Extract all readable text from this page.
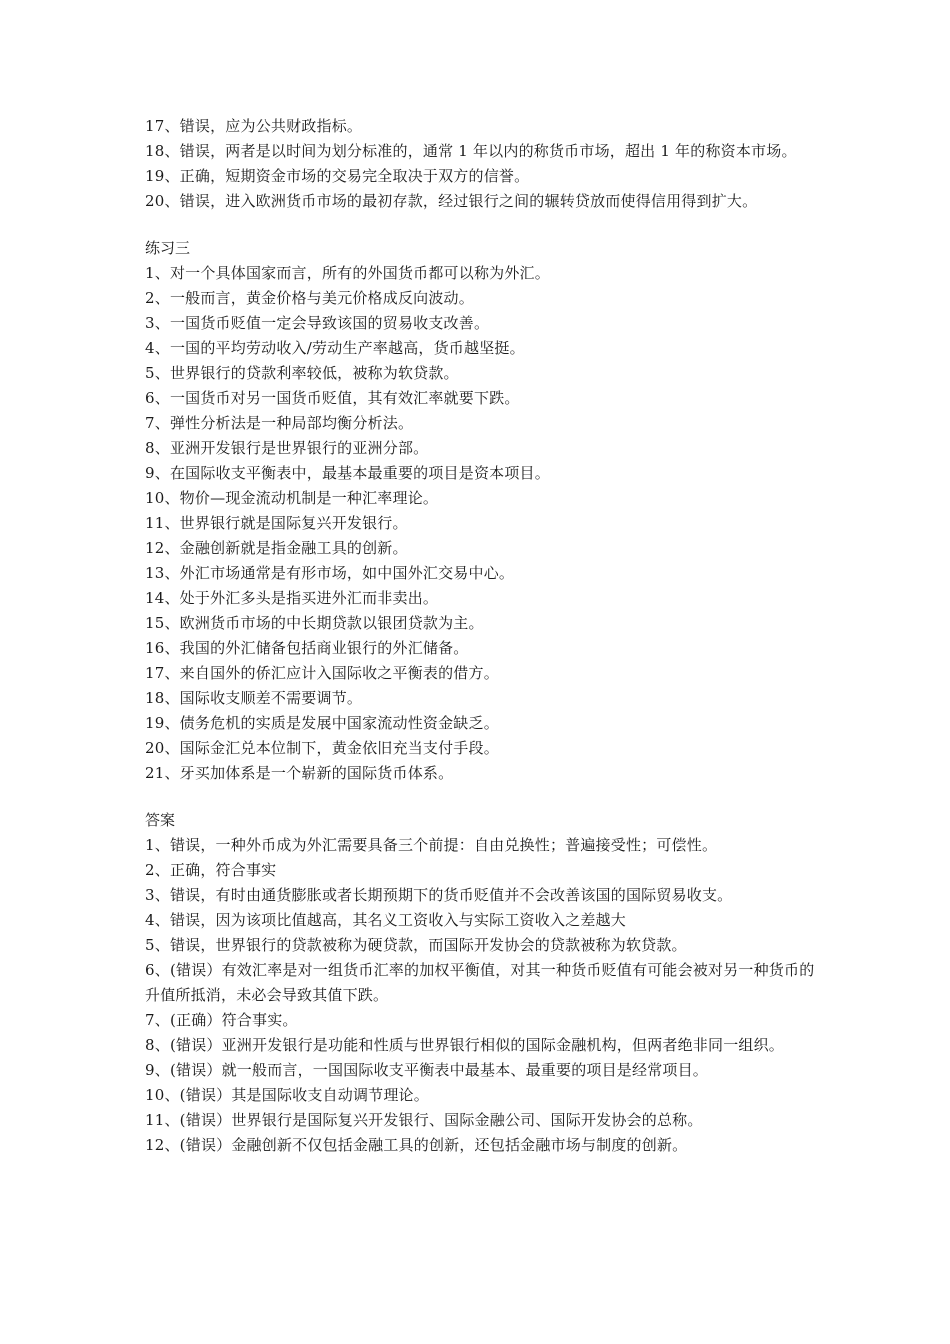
17、错误，应为公共财政指标。
18、错误，两者是以时间为划分标准的，通常 1 年以内的称货币市场，超出 1 年的称资本市场。
19、正确，短期资金市场的交易完全取决于双方的信誉。
20、错误，进入欧洲货币市场的最初存款，经过银行之间的辗转贷放而使得信用得到扩大。
练习三
1、对一个具体国家而言，所有的外国货币都可以称为外汇。
2、一般而言，黄金价格与美元价格成反向波动。
3、一国货币贬值一定会导致该国的贸易收支改善。
4、一国的平均劳动收入/劳动生产率越高，货币越坚挺。
5、世界银行的贷款利率较低，被称为软贷款。
6、一国货币对另一国货币贬值，其有效汇率就要下跌。
7、弹性分析法是一种局部均衡分析法。
8、亚洲开发银行是世界银行的亚洲分部。
9、在国际收支平衡表中，最基本最重要的项目是资本项目。
10、物价—现金流动机制是一种汇率理论。
11、世界银行就是国际复兴开发银行。
12、金融创新就是指金融工具的创新。
13、外汇市场通常是有形市场，如中国外汇交易中心。
14、处于外汇多头是指买进外汇而非卖出。
15、欧洲货币市场的中长期贷款以银团贷款为主。
16、我国的外汇储备包括商业银行的外汇储备。
17、来自国外的侨汇应计入国际收之平衡表的借方。
18、国际收支顺差不需要调节。
19、债务危机的实质是发展中国家流动性资金缺乏。
20、国际金汇兑本位制下，黄金依旧充当支付手段。
21、牙买加体系是一个崭新的国际货币体系。
答案
1、错误，一种外币成为外汇需要具备三个前提：自由兑换性；普遍接受性；可偿性。
2、正确，符合事实
3、错误，有时由通货膨胀或者长期预期下的货币贬值并不会改善该国的国际贸易收支。
4、错误，因为该项比值越高，其名义工资收入与实际工资收入之差越大
5、错误，世界银行的贷款被称为硬贷款，而国际开发协会的贷款被称为软贷款。
6、(错误）有效汇率是对一组货币汇率的加权平衡值，对其一种货币贬值有可能会被对另一种货币的升值所抵消，未必会导致其值下跌。
7、(正确）符合事实。
8、(错误）亚洲开发银行是功能和性质与世界银行相似的国际金融机构，但两者绝非同一组织。
9、(错误）就一般而言，一国国际收支平衡表中最基本、最重要的项目是经常项目。
10、(错误）其是国际收支自动调节理论。
11、(错误）世界银行是国际复兴开发银行、国际金融公司、国际开发协会的总称。
12、(错误）金融创新不仅包括金融工具的创新，还包括金融市场与制度的创新。
